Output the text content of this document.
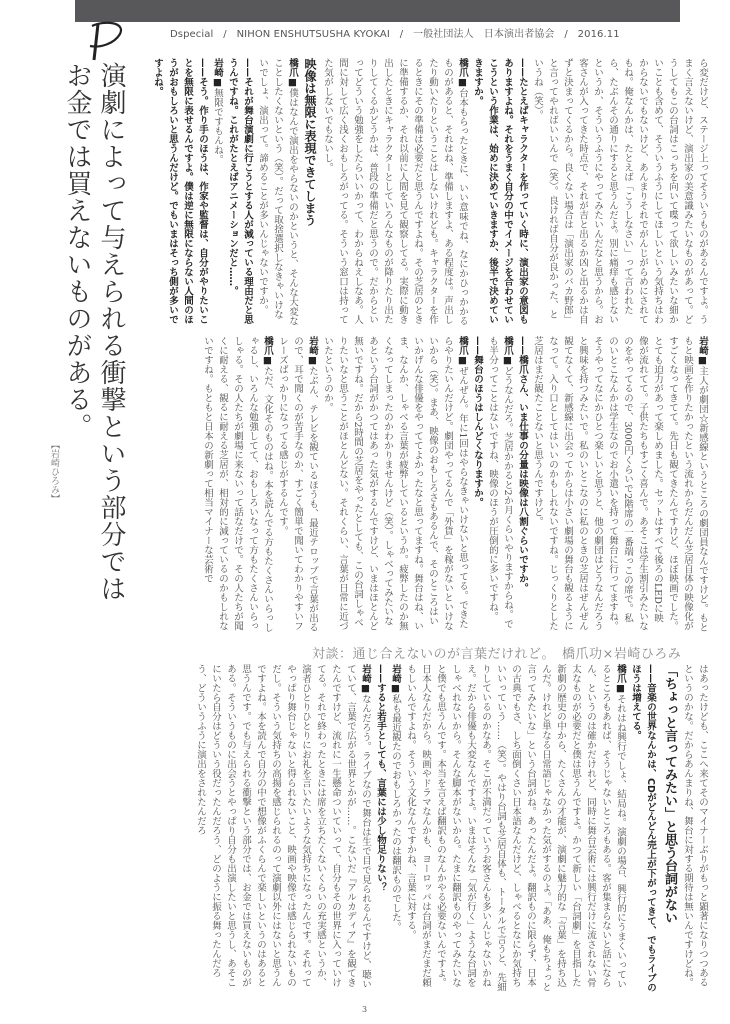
Dspecial / NIHON ENSHUTSUSHA KYOKAI / 一般社団法人　日本演出者協会 / 2016.11
演劇によって与えられる衝撃という部分では
お金では買えないものがある。
【岩崎ひろみ】

ら変だけど、ステージ上ってそういうものがあるんですよ。うまく言えないけど、演出家の美意識みたいなものがあって。どうしてもこの台詞はこっちを向いて喋って欲しいみたいな細かいことも含めて、そういうふうにしてほしいという気持ちはわからないでもないけど、あんまりそれでがんじがらめにされてもね。俺なんかは、たとえば「こうしなさい」って言われたら、たぶんその通りにすると思うんだよ。別に痛痒も感じないというか、そういうふうにやってみたいんだなと思うから。お客さんが入ってきた時点で、それが吉と出るか凶と出るかは自ずと決まってくるから。良くない場合は「演出家のバカ野郎」と言ってやればいいんで（笑）。良ければ自分が良かった、というね（笑）。

——たとえばキャラクターを作っていく時に、演出家の意図もありますよね。それをうまく自分の中でイメージを合わせていこうという作業は、始めに決めていきますか、後半で決めていきますか。

橋爪■台本もらったときに、いい意味でね、なにかひっかかるものがあると、それはね、準備しますよ、ある程度は。声出したり動いたりということはしないけれども。キャラクターを作るときにその準備は必要だと思うんですよね。その芝居のときに準備するか、それ以前に人間を見て観察してる。実際に動き出したときにキャラクターとしていろんなものが降りたり出たりしてくるかどうかは、普段の準備だと思うので。だからといってどういう勉強をしたらいいかって、わからねえしなあ。人間に対して広く浅くおもしろがってる。そういう窓口は持ってた気がしないでもないし。

映像は無限に表現できてしまう

橋爪■僕はなんで演出をやらないのかというと、そんな大変なことしたくないという（笑）。だって取捨選択しなきゃいけないでしょ、演出って。諦めることが多いんじゃないですか。

——それが舞台演劇に行こうとする人が減っている理由だと思うんですね。これがたとえばアニメーションだと……。

岩崎■無限ですもんね。

——そう。作り手のほうは、作家や監督は、自分がやりたいことを無限に表せるんですよ。僕は逆に無限にならない人間のほうがおもしろいと思うんだけど。でもいまはそっち側が多いですよね。

岩崎■主人が劇団☆新感線というところの劇団員なんですけど。もともと映画を作りたかったという流れからだんだん芝居自体の映像化がすごくなってきてて。先日も観てきたんですけど、ほぼ映画でした。とても迫力があって楽しめました。セットはすべて後ろのLEDに映像が流れてて。子供たちもすごく喜んで。あそこは学生割引みたいなのをやってるので、3000円くらいで2階席の一番端っこの席で。私のいとこなんかは学生なのでお小遣いを持って舞台に行ってますね。そうやってなにかひとつ楽しいと思うと、他の劇団はどうなんだろうと興味を持つみたいで。私のいとこなのに私のときの芝居はぜんぜん観てなくて、新感線に出会ってからは小さい劇場の舞台も観るようになって。入り口としてはいいのかもしれないですね。じっくりとした芝居はまだ観たことないと思うんですけど。

——橋爪さん、いま仕事の分量は映像は八割ぐらいですか。

橋爪■どうなんだろ。芝居かかると2か月くらいやりますからね。でも半分ってことはないですね、映像のほうが圧倒的に多いですね。

——舞台のほうはしんどくなりますか。

橋爪■ぜんぜん。年に1回はやらなきゃいけないと思ってる。できたらやりたいんだけど。劇団やってるんで「外貨」を稼がないといけないから（笑）。まあ、映像のおもしろさもあるんで、そのところはいいかげんな俳優をやっててよかったなと思ってますね。舞台はね、いま、なんか、しゃべる言葉が疲弊しているというか。疲弊したのか無くなってしまったのかわかりませんけど（笑）。しゃべってみたいなあという台詞がかつてはあった気がするんですけど、いまはほとんど無いですね。だから2時間の芝居をやったとしても、この台詞しゃべりたいなと思うことがほとんどない。それくらい、言葉が日常に近づいたというのか。

岩崎■たぶん、テレビを観ているほうも、最近テロップで言葉が出るので、耳で聞くのが苦手なのか、すごく簡単で聞いてわかりやすいフレーズばっかりになってる感じがするんです。

橋爪■ただ、文化そのものはね。本を読んでる方もたくさんいらっしゃるし、いろんな勉強してて、おもしろいなって方もたくさんいらっしゃる。その人たちが劇場に来ないって話なだけで。その人たちが聞くに耐える、観るに耐える芝居が、相対的に減っているのかもしれないですね。もともと日本の新劇って相当マイナーな芸術で

対談：通じ合えないのが言葉だけれど。　橋爪功×岩崎ひろみ

はあったけども、ここへ来てそのマイナーぶりがもっと顕著になりつつあるというのかな。だからあんまりね、舞台に対する期待は無いんですけどね。

「ちょっと言ってみたい」と思う台詞がない

——音楽の世界なんかは、CDがどんどん売上が下がってきて、でもライブのほうは増えてる。

橋爪■それはね興行でしょ、結局ね。演劇の場合、興行的にうまくいっているところもあれば、そうじゃないところもある。客が集まらないと話にならん、というのは確かだけれど、同時に舞台芸術には興行だけに流されない骨太なものが必要だと僕は思うんですよ。かつて新しい「台詞劇」を目指した新劇の歴史の中から、たくさんの才能が、演劇に魅力的な「言葉」を持ち込んだ。けれど単なる日常語じゃなかった気がするのよ。「ああ、俺もちょっと言ってみたいな」という台詞がね。あったんだよ。翻訳ものに限らず、日本の古典でもさ、しち面倒くさい日本語なんだけど、しゃべるとなにか気持ちいいっていう……（笑）。やはり台詞も芝居自体も、トータルで言うと、先細りしているのかなあ。そこが不満だっていうお客さんも多いんじゃないかねえ。だから俳優も大変なんですよ。いまはそんな「気が行く」ような台詞をしゃべれないから。そんな脚本がないから。たまに翻訳ものやってみたいなと僕でも思うんです。本当を言えば翻訳ものなんかやる必要ないんですよ。日本人なんだから。映画やドラマなんかも、ヨーロッパは台詞がまだまだ頼もしいんですよね。そういう文化なんですかね、言葉に対する。

岩崎■私も最近観たのでおもしろかったのは翻訳ものでした。

——すると若手としても、言葉には少し物足りない？

岩崎■なんだろう。ライブなので舞台は生で目で見られるんですけど、聴いていて、言葉で広がる世界とかが……。こないだ『アルカディア』を観てきたんですけど、流れに一生懸命ついていって、自分もその世界に入っていけてる。それで終わったときには席を立ちたくないくらいの充実感というか、演者ひとりひとりにお礼を言いたいような気持ちになったんです。それってやっぱり舞台じゃないと得られないこと、映画や映像では感じられないものだし。そういう気持ちの高揚を感じられるのって演劇以外にはないと思うんですよね。本を読んで自分の中で想像がふくらんで楽しいというのはあると思うんです。でも与えられる衝撃という部分では、お金では買えないものがある。そういうものに出会うとやっぱり自分も出演したいと思うし、あそこにいたら自分はどういう役だったんだろう、どのように振る舞ったんだろう、どういうふうに演出をされたんだろ

3
